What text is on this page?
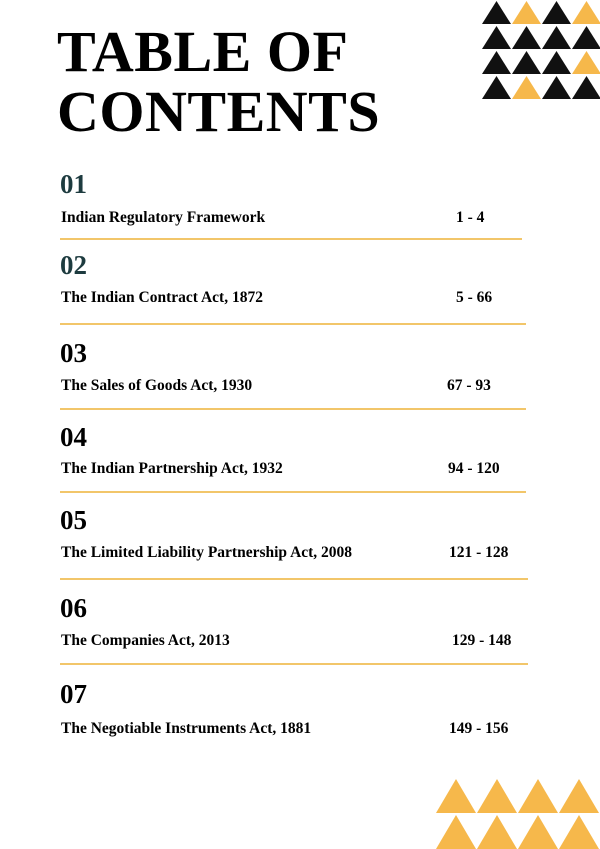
TABLE OF
CONTENTS
01
Indian Regulatory Framework	1 - 4
02
The Indian Contract Act, 1872	5 - 66
03
The Sales of Goods Act, 1930	67 - 93
04
The Indian Partnership Act, 1932	94 - 120
05
The Limited Liability Partnership Act, 2008	121 - 128
06
The Companies Act, 2013	129 - 148
07
The Negotiable Instruments Act, 1881	149 - 156
